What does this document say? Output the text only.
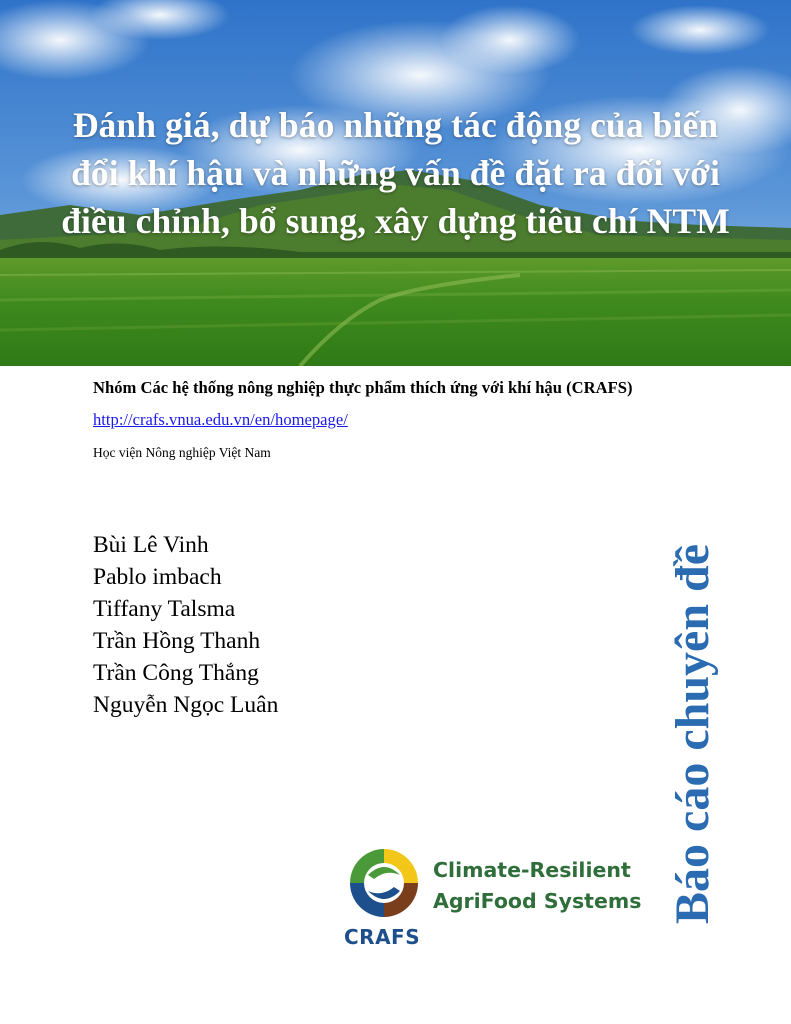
Đánh giá, dự báo những tác động của biến
đổi khí hậu và những vấn đề đặt ra đối với
điều chỉnh, bổ sung, xây dựng tiêu chí NTM
Nhóm Các hệ thống nông nghiệp thực phẩm thích ứng với khí hậu (CRAFS)
http://crafs.vnua.edu.vn/en/homepage/
Học viện Nông nghiệp Việt Nam
Bùi Lê Vinh
Pablo imbach
Tiffany Talsma
Trần Hồng Thanh
Trần Công Thắng
Nguyễn Ngọc Luân	Báo cáo chuyên đề
CRAFS
Climate-Resilient
AgriFood Systems
